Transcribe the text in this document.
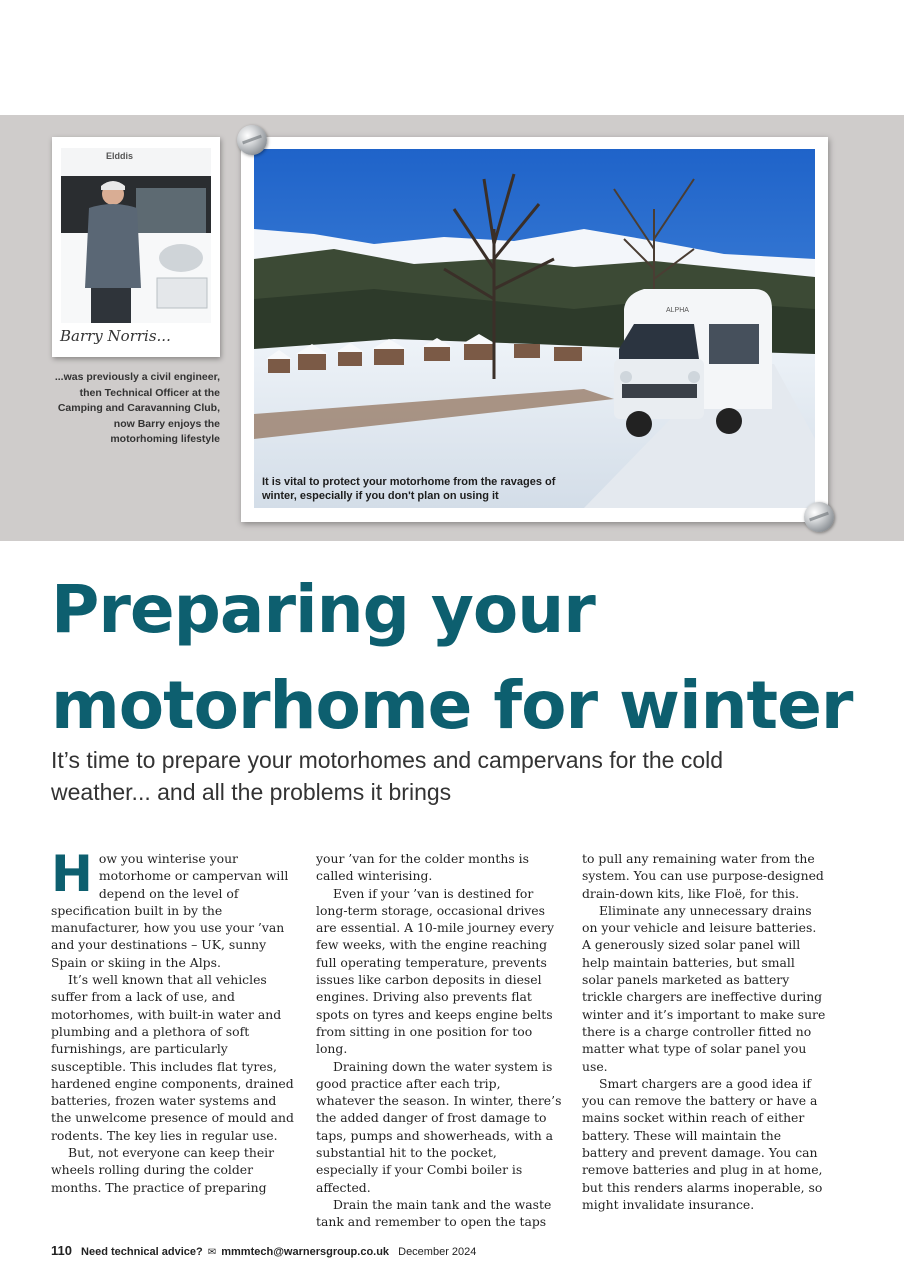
Elddis
Barry Norris...
...was previously a civil engineer, then Technical Officer at the Camping and Caravanning Club, now Barry enjoys the motorhoming lifestyle
ALPHA
It is vital to protect your motorhome from the ravages of winter, especially if you don't plan on using it
Preparing your
motorhome for winter
It’s time to prepare your motorhomes and campervans for the cold weather... and all the problems it brings
H ow you winterise your motorhome or campervan will depend on the level of specification built in by the manufacturer, how you use your ’van and your destinations – UK, sunny Spain or skiing in the Alps.

It’s well known that all vehicles suffer from a lack of use, and motorhomes, with built-in water and plumbing and a plethora of soft furnishings, are particularly susceptible. This includes flat tyres, hardened engine components, drained batteries, frozen water systems and the unwelcome presence of mould and rodents. The key lies in regular use.

But, not everyone can keep their wheels rolling during the colder months. The practice of preparing

your ’van for the colder months is called winterising.

Even if your ’van is destined for long-term storage, occasional drives are essential. A 10-mile journey every few weeks, with the engine reaching full operating temperature, prevents issues like carbon deposits in diesel engines. Driving also prevents flat spots on tyres and keeps engine belts from sitting in one position for too long.

Draining down the water system is good practice after each trip, whatever the season. In winter, there’s the added danger of frost damage to taps, pumps and showerheads, with a substantial hit to the pocket, especially if your Combi boiler is affected.

Drain the main tank and the waste tank and remember to open the taps

to pull any remaining water from the system. You can use purpose-designed drain-down kits, like Floë, for this.

Eliminate any unnecessary drains on your vehicle and leisure batteries. A generously sized solar panel will help maintain batteries, but small solar panels marketed as battery trickle chargers are ineffective during winter and it’s important to make sure there is a charge controller fitted no matter what type of solar panel you use.

Smart chargers are a good idea if you can remove the battery or have a mains socket within reach of either battery. These will maintain the battery and prevent damage. You can remove batteries and plug in at home, but this renders alarms inoperable, so might invalidate insurance.

110 Need technical advice? ✉ mmmtech@warnersgroup.co.uk December 2024
